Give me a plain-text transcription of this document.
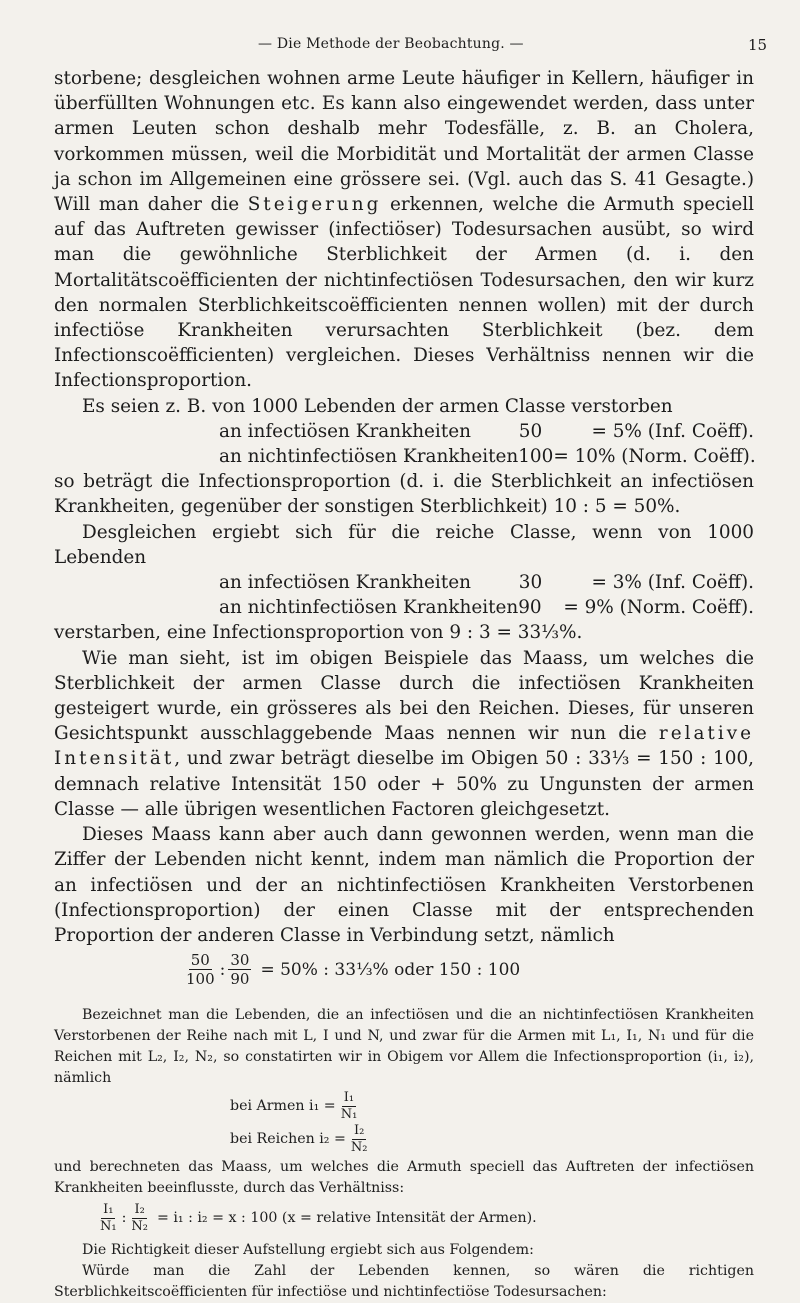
— Die Methode der Beobachtung. —	15

storbene; desgleichen wohnen arme Leute häufiger in Kellern, häufiger in überfüllten Wohnungen etc. Es kann also eingewendet werden, dass unter armen Leuten schon deshalb mehr Todesfälle, z. B. an Cholera, vorkommen müssen, weil die Morbidität und Mortalität der armen Classe ja schon im Allgemeinen eine grössere sei. (Vgl. auch das S. 41 Gesagte.) Will man daher die Steigerung erkennen, welche die Armuth speciell auf das Auftreten gewisser (infectiöser) Todesursachen ausübt, so wird man die gewöhnliche Sterblichkeit der Armen (d. i. den Mortalitätscoëfficienten der nichtinfectiösen Todesursachen, den wir kurz den normalen Sterblichkeitscoëfficienten nennen wollen) mit der durch infectiöse Krankheiten verursachten Sterblichkeit (bez. dem Infectionscoëfficienten) vergleichen. Dieses Verhältniss nennen wir die Infectionsproportion.

Es seien z. B. von 1000 Lebenden der armen Classe verstorben

an infectiösen Krankheiten	50	= 5% (Inf. Coëff).
an nichtinfectiösen Krankheiten 100 = 10% (Norm. Coëff).

so beträgt die Infectionsproportion (d. i. die Sterblichkeit an infectiösen Krankheiten, gegenüber der sonstigen Sterblichkeit) 10 : 5 = 50%.

Desgleichen ergiebt sich für die reiche Classe, wenn von 1000 Lebenden

an infectiösen Krankheiten	30	= 3% (Inf. Coëff).
an nichtinfectiösen Krankheiten 90	= 9% (Norm. Coëff).

verstarben, eine Infectionsproportion von 9 : 3 = 33⅓%.

Wie man sieht, ist im obigen Beispiele das Maass, um welches die Sterblichkeit der armen Classe durch die infectiösen Krankheiten gesteigert wurde, ein grösseres als bei den Reichen. Dieses, für unseren Gesichtspunkt ausschlaggebende Maas nennen wir nun die relative Intensität, und zwar beträgt dieselbe im Obigen 50 : 33⅓ = 150 : 100, demnach relative Intensität 150 oder + 50% zu Ungunsten der armen Classe — alle übrigen wesentlichen Factoren gleichgesetzt.

Dieses Maass kann aber auch dann gewonnen werden, wenn man die Ziffer der Lebenden nicht kennt, indem man nämlich die Proportion der an infectiösen und der an nichtinfectiösen Krankheiten Verstorbenen (Infectionsproportion) der einen Classe mit der entsprechenden Proportion der anderen Classe in Verbindung setzt, nämlich

$\frac{50}{100}$ : $\frac{30}{90} = 50\%$ : 33⅓% oder 150 : 100

Bezeichnet man die Lebenden, die an infectiösen und die an nichtinfectiösen Krankheiten Verstorbenen der Reihe nach mit L, I und N, und zwar für die Armen mit L₁, I₁, N₁ und für die Reichen mit L₂, I₂, N₂, so constatirten wir in Obigem vor Allem die Infectionsproportion (i₁, i₂), nämlich

bei Armen $i_1 = \frac{\text{I₁}}{\text{N₁}}$
bei Reichen $i_2 = \frac{\text{I₂}}{\text{N₂}}$

und berechneten das Maass, um welches die Armuth speciell das Auftreten der infectiösen Krankheiten beeinflusste, durch das Verhältniss:

$\frac{\text{I₁}}{\text{N₁}}$ : $\frac{\text{I₂}}{\text{N₂}} = i_1$ : i₂ = x : 100 (x = relative Intensität der Armen).

Die Richtigkeit dieser Aufstellung ergiebt sich aus Folgendem:

Würde man die Zahl der Lebenden kennen, so wären die richtigen Sterblichkeitscoëfficienten für infectiöse und nichtinfectiöse Todesursachen:
